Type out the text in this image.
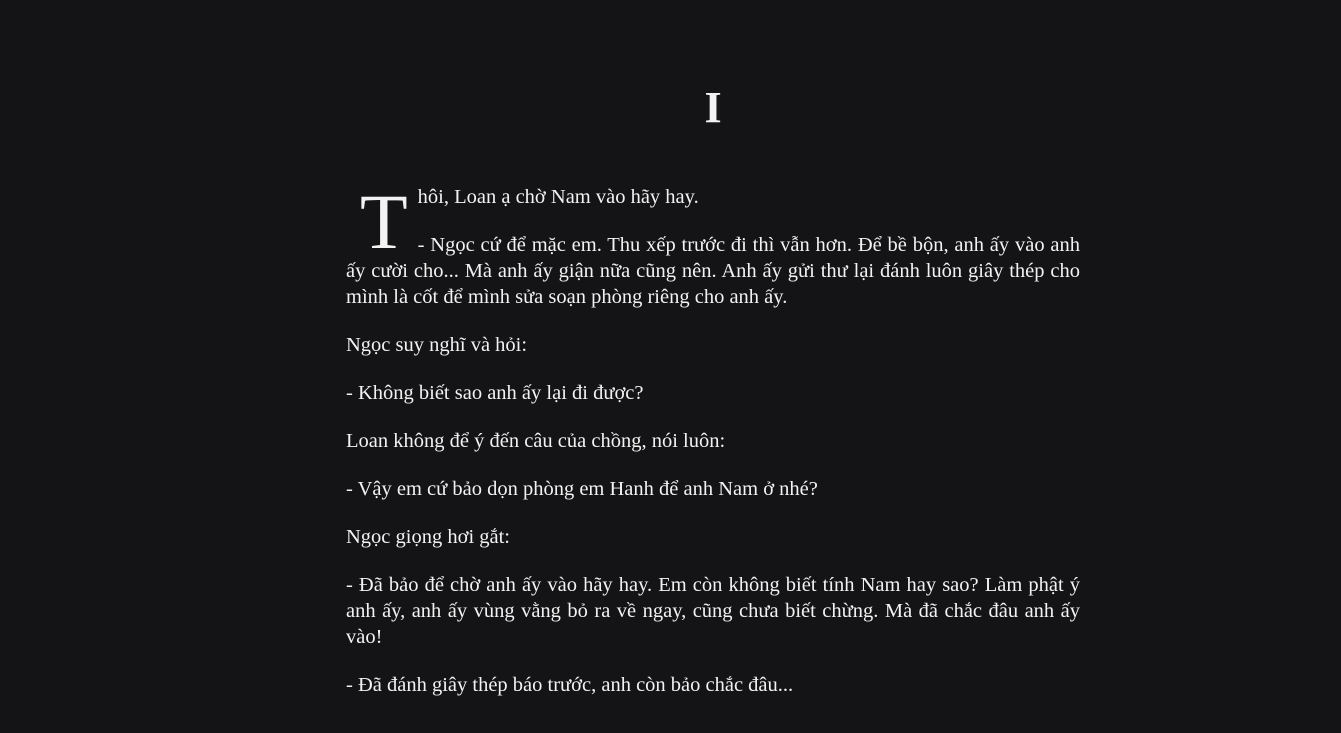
I

Thôi, Loan ạ chờ Nam vào hãy hay.

- Ngọc cứ để mặc em. Thu xếp trước đi thì vẫn hơn. Để bề bộn, anh ấy vào anh ấy cười cho... Mà anh ấy giận nữa cũng nên. Anh ấy gửi thư lại đánh luôn giây thép cho mình là cốt để mình sửa soạn phòng riêng cho anh ấy.

Ngọc suy nghĩ và hỏi:

- Không biết sao anh ấy lại đi được?

Loan không để ý đến câu của chồng, nói luôn:

- Vậy em cứ bảo dọn phòng em Hanh để anh Nam ở nhé?

Ngọc giọng hơi gắt:

- Đã bảo để chờ anh ấy vào hãy hay. Em còn không biết tính Nam hay sao? Làm phật ý anh ấy, anh ấy vùng vằng bỏ ra về ngay, cũng chưa biết chừng. Mà đã chắc đâu anh ấy vào!

- Đã đánh giây thép báo trước, anh còn bảo chắc đâu...
